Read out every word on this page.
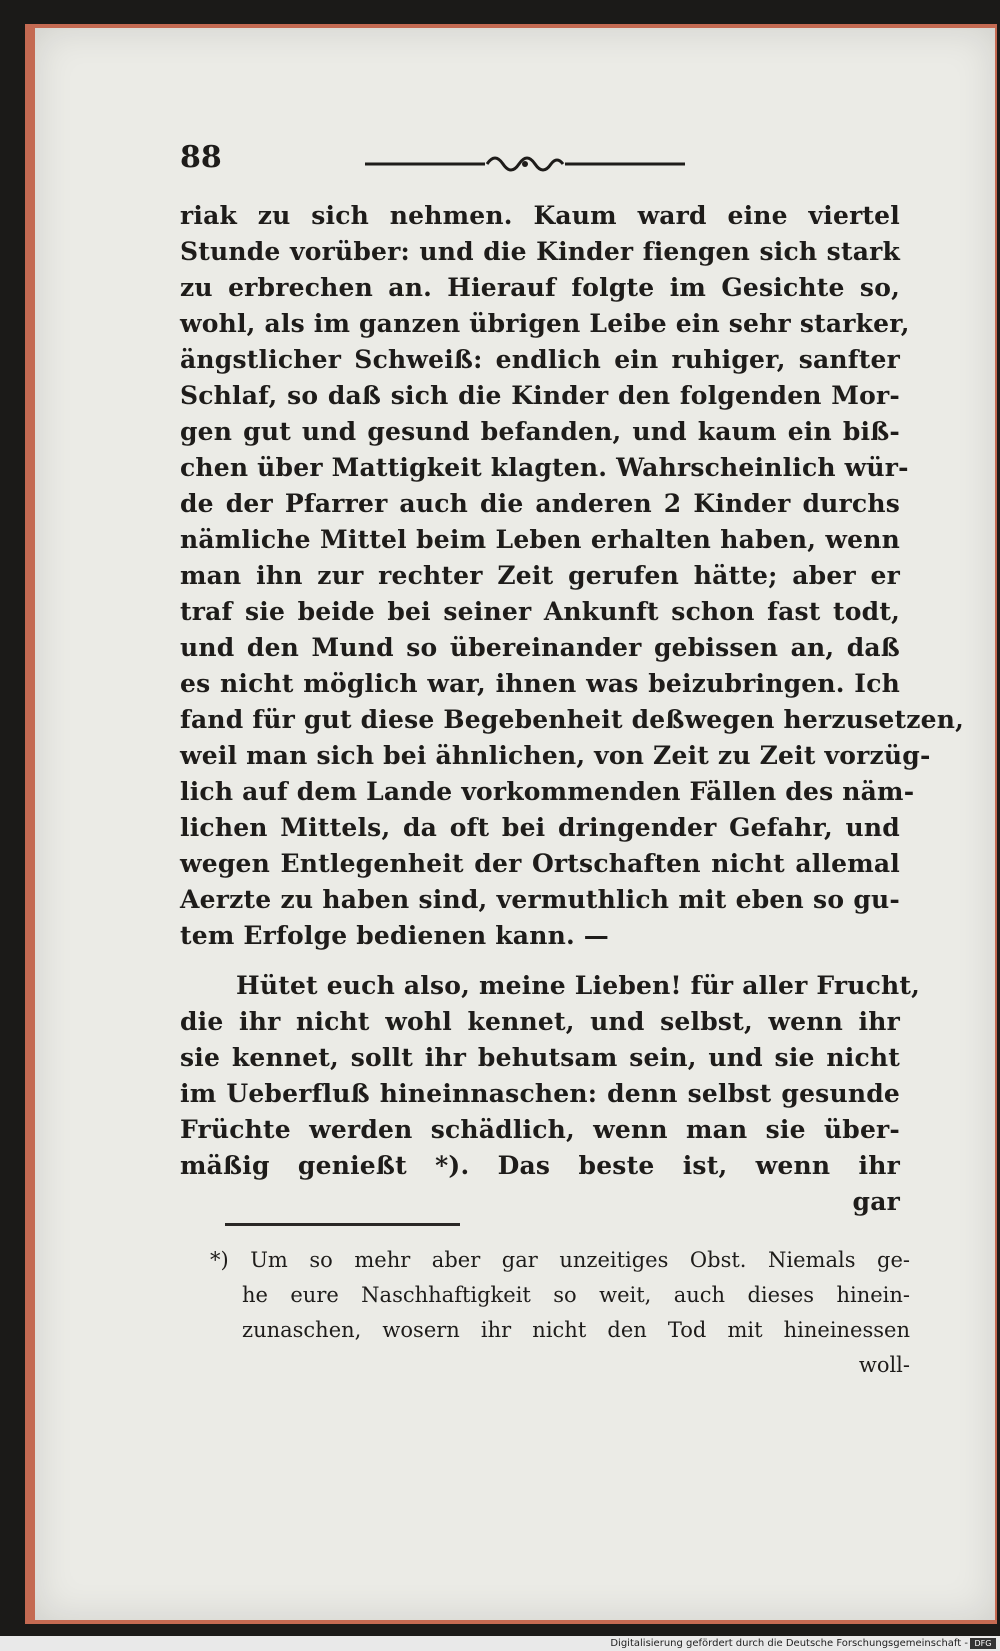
88
riak zu sich nehmen. Kaum ward eine viertel
Stunde vorüber: und die Kinder fiengen sich stark
zu erbrechen an. Hierauf folgte im Gesichte so,
wohl, als im ganzen übrigen Leibe ein sehr starker,
ängstlicher Schweiß: endlich ein ruhiger, sanfter
Schlaf, so daß sich die Kinder den folgenden Mor-
gen gut und gesund befanden, und kaum ein biß-
chen über Mattigkeit klagten. Wahrscheinlich wür-
de der Pfarrer auch die anderen 2 Kinder durchs
nämliche Mittel beim Leben erhalten haben, wenn
man ihn zur rechter Zeit gerufen hätte; aber er
traf sie beide bei seiner Ankunft schon fast todt,
und den Mund so übereinander gebissen an, daß
es nicht möglich war, ihnen was beizubringen. Ich
fand für gut diese Begebenheit deßwegen herzusetzen,
weil man sich bei ähnlichen, von Zeit zu Zeit vorzüg-
lich auf dem Lande vorkommenden Fällen des näm-
lichen Mittels, da oft bei dringender Gefahr, und
wegen Entlegenheit der Ortschaften nicht allemal
Aerzte zu haben sind, vermuthlich mit eben so gu-
tem Erfolge bedienen kann. —
Hütet euch also, meine Lieben! für aller Frucht,
die ihr nicht wohl kennet, und selbst, wenn ihr
sie kennet, sollt ihr behutsam sein, und sie nicht
im Ueberfluß hineinnaschen: denn selbst gesunde
Früchte werden schädlich, wenn man sie über-
mäßig genießt *). Das beste ist, wenn ihr
gar
*) Um so mehr aber gar unzeitiges Obst. Niemals ge-
he eure Naschhaftigkeit so weit, auch dieses hinein-
zunaschen, wosern ihr nicht den Tod mit hineinessen
woll-
Digitalisierung gefördert durch die Deutsche Forschungsgemeinschaft - DFG
